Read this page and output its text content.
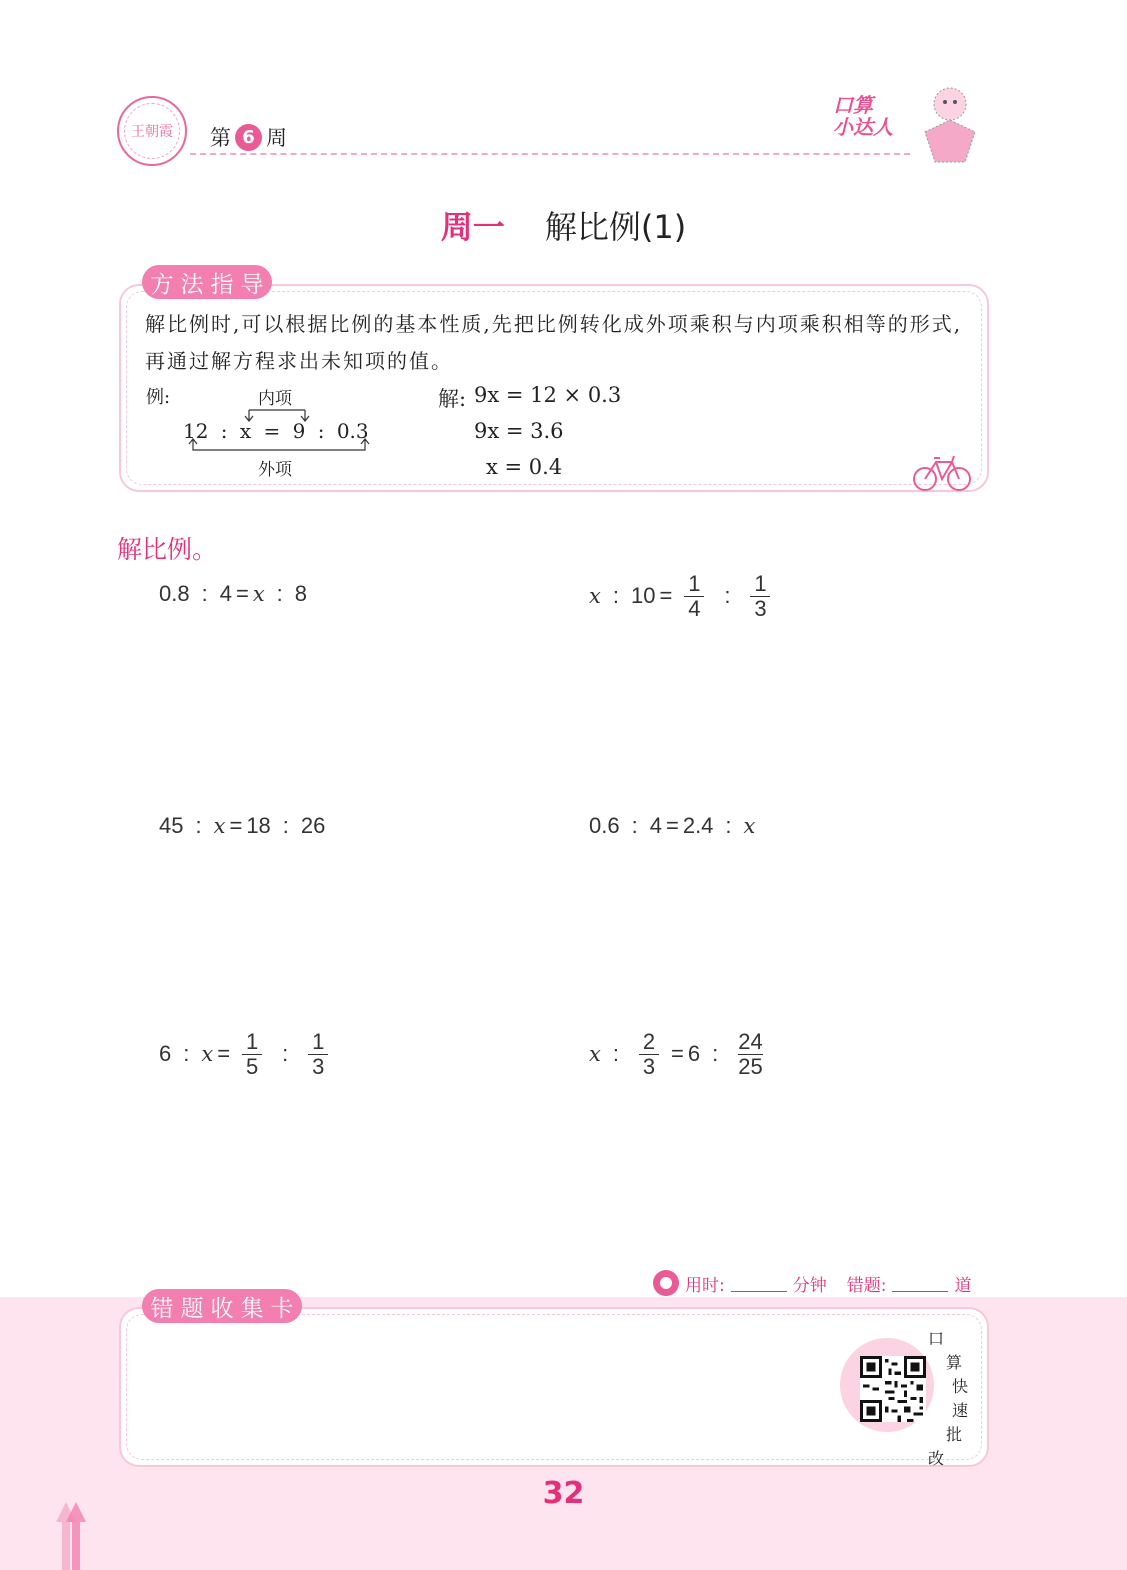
王朝霞 第 6 周
口算
小达人
周一 解比例(1)
方 法 指 导
解比例时,可以根据比例的基本性质,先把比例转化成外项乘积与内项乘积相等的形式,再通过解方程求出未知项的值。
例:	内项
12 : x = 9 : 0.3
外项
解: 9x = 12 × 0.3
9x = 3.6
x = 0.4
解比例。
0.8 : 4 = x : 8	x : $10 = \frac{1}{4}$ : $\frac{1}{3}$
45 : x = 18 : 26	0.6 : 4 = 2.4 : x
6 : $x = \frac{1}{5}$ : $\frac{1}{3}$	x : $\frac{2}{3} = 6$ : $\frac{24}{25}$
用时:	分钟 错题:	道
错 题 收 集 卡
口
算
快
速
批
改
32
